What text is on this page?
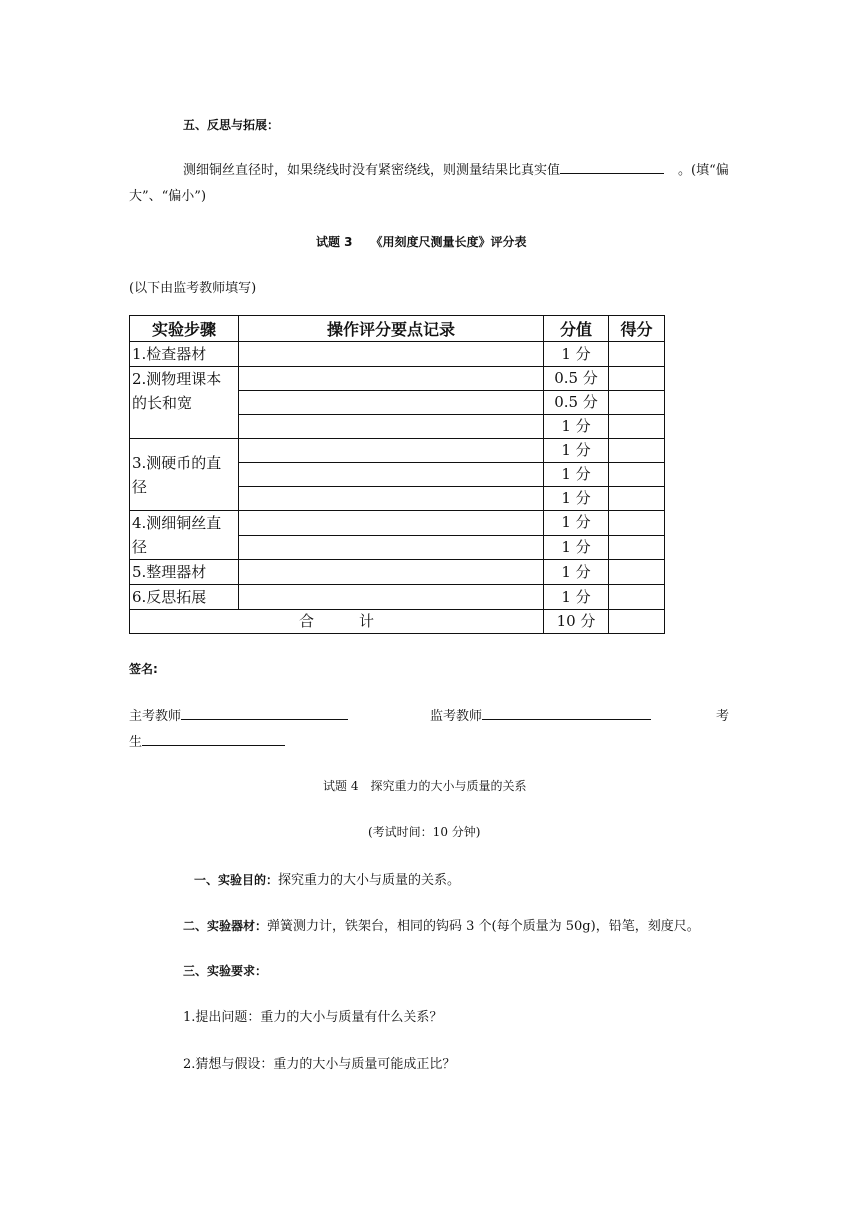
五、反思与拓展：
测细铜丝直径时，如果绕线时没有紧密绕线，则测量结果比真实值	。(填“偏
大”、“偏小”)
试题 3　　《用刻度尺测量长度》评分表
(以下由监考教师填写)
实验步骤	操作评分要点记录	分值	得分
1.检查器材		1 分	
2.测物理课本的长和宽		0.5 分	
		0.5 分	
		1 分	
3.测硬币的直径		1 分	
		1 分	
		1 分	
4.测细铜丝直径		1 分	
		1 分	
5.整理器材		1 分	
6.反思拓展		1 分	
合　　　计		10 分	
签名:
主考教师	监考教师	考
生
试题 4　探究重力的大小与质量的关系
(考试时间：10 分钟)
一、实验目的：探究重力的大小与质量的关系。
二、实验器材：弹簧测力计，铁架台，相同的钩码 3 个(每个质量为 50g)，铅笔，刻度尺。
三、实验要求：
1.提出问题：重力的大小与质量有什么关系？
2.猜想与假设：重力的大小与质量可能成正比？
